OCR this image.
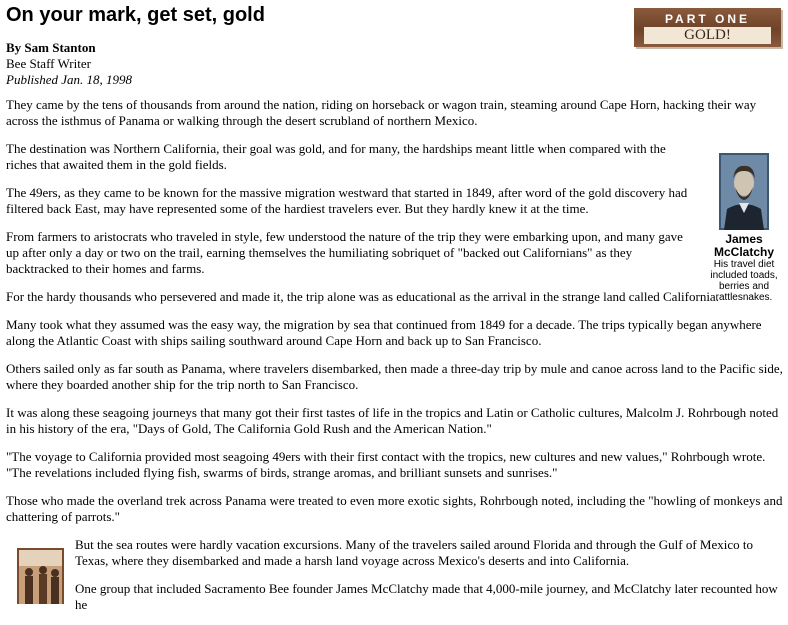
On your mark, get set, gold	PART ONE
GOLD!
By Sam Stanton
Bee Staff Writer
Published Jan. 18, 1998
James McClatchy
His travel diet included toads, berries and rattlesnakes.

They came by the tens of thousands from around the nation, riding on horseback or wagon train, steaming around Cape Horn, hacking their way across the isthmus of Panama or walking through the desert scrubland of northern Mexico.

The destination was Northern California, their goal was gold, and for many, the hardships meant little when compared with the riches that awaited them in the gold fields.

The 49ers, as they came to be known for the massive migration westward that started in 1849, after word of the gold discovery had filtered back East, may have represented some of the hardiest travelers ever. But they hardly knew it at the time.

From farmers to aristocrats who traveled in style, few understood the nature of the trip they were embarking upon, and many gave up after only a day or two on the trail, earning themselves the humiliating sobriquet of "backed out Californians" as they backtracked to their homes and farms.

For the hardy thousands who persevered and made it, the trip alone was as educational as the arrival in the strange land called California.

Many took what they assumed was the easy way, the migration by sea that continued from 1849 for a decade. The trips typically began anywhere along the Atlantic Coast with ships sailing southward around Cape Horn and back up to San Francisco.

Others sailed only as far south as Panama, where travelers disembarked, then made a three-day trip by mule and canoe across land to the Pacific side, where they boarded another ship for the trip north to San Francisco.

It was along these seagoing journeys that many got their first tastes of life in the tropics and Latin or Catholic cultures, Malcolm J. Rohrbough noted in his history of the era, "Days of Gold, The California Gold Rush and the American Nation."

"The voyage to California provided most seagoing 49ers with their first contact with the tropics, new cultures and new values," Rohrbough wrote. "The revelations included flying fish, swarms of birds, strange aromas, and brilliant sunsets and sunrises."

Those who made the overland trek across Panama were treated to even more exotic sights, Rohrbough noted, including the "howling of monkeys and chattering of parrots."

But the sea routes were hardly vacation excursions. Many of the travelers sailed around Florida and through the Gulf of Mexico to Texas, where they disembarked and made a harsh land voyage across Mexico's deserts and into California.

One group that included Sacramento Bee founder James McClatchy made that 4,000-mile journey, and McClatchy later recounted how he
